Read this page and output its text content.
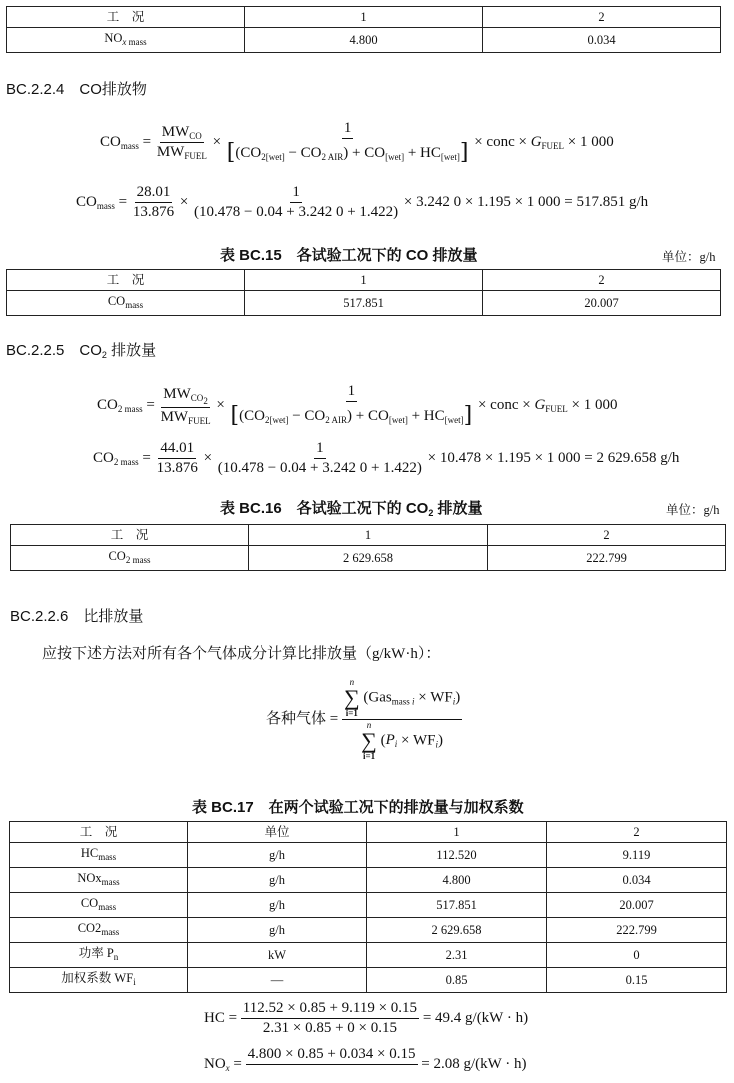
工　况	1	2
$NO_{x mass}$	4.800	0.034
BC.2.2.4　CO排放物
$CO_{mass} = \frac{MW_{CO}}{MW_{FUEL}} \times \frac{1}{[(CO_{2[wet]} - CO_{2 AIR}) + CO_{[wet]} + HC_{[wet]}]}$ × conc × $G_{FUEL} \times 1$ 000
$CO_{mass} = \frac{28.01}{13.876} \times \frac{1}{(10.478 - 0.04 + 3.242 0 + 1.422)} \times 3.242$ 0 × 1.195 × 1 000 = 517.851 g/h
表 BC.15　各试验工况下的 CO 排放量	单位：g/h
工　况	1	2
$CO_{mass}$	517.851	20.007
BC.2.2.5　$CO_2$ 排放量
$CO_{2 mass} = \frac{MW_{CO_2}}{MW_{FUEL}} \times \frac{1}{[(CO_{2[wet]} - CO_{2 AIR}) + CO_{[wet]} + HC_{[wet]}]}$ × conc × $G_{FUEL} \times 1$ 000
$CO_{2 mass} = \frac{44.01}{13.876} \times \frac{1}{(10.478 - 0.04 + 3.242 0 + 1.422)} \times 10.478 \times 1.195 \times 1$ 000 = 2 629.658 g/h
表 BC.16　各试验工况下的 $CO_2$ 排放量	单位：g/h
工　况	1	2
$CO_{2 mass}$	2 629.658	222.799
BC.2.2.6　比排放量
应按下述方法对所有各个气体成分计算比排放量（g/kW·h）：
各种气体 = n
∑
i=1
$(Gas_{mass i} \times WF_i)$
n
∑
i=1
$(P_i \times WF_i)$
表 BC.17　在两个试验工况下的排放量与加权系数
工　况	单位	1	2
$HC_{mass}$	g/h	112.520	9.119
NOx$_{mass}$	g/h	4.800	0.034
$CO_{mass}$	g/h	517.851	20.007
$CO2_{mass}$	g/h	2 629.658	222.799
功率 $P_n$	kW	2.31	0
加权系数 $WF_i$	—	0.85	0.15
HC = $\frac{112.52 \times 0.85 + 9.119 \times 0.15}{2.31 \times 0.85 + 0 \times 0.15} = 49.4$ g/(kW · h)
$NO_x$ =
4.800 × 0.85 + 0.034 × 0.15

= 2.08 g/(kW · h)
